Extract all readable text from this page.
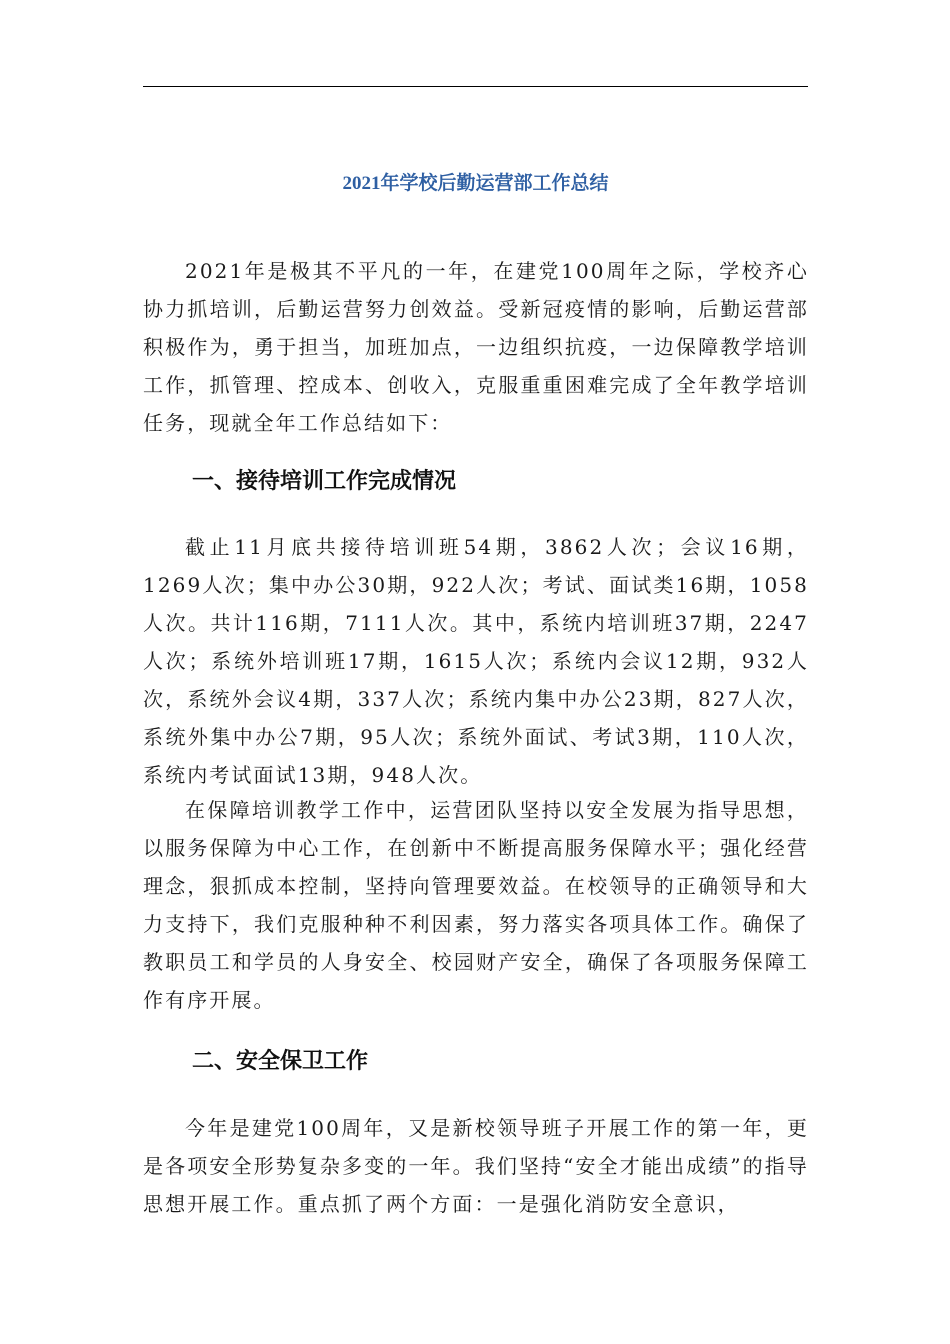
2021年学校后勤运营部工作总结

2021年是极其不平凡的一年，在建党100周年之际，学校齐心协力抓培训，后勤运营努力创效益。受新冠疫情的影响，后勤运营部积极作为，勇于担当，加班加点，一边组织抗疫，一边保障教学培训工作，抓管理、控成本、创收入，克服重重困难完成了全年教学培训任务，现就全年工作总结如下：

一、接待培训工作完成情况

截止11月底共接待培训班54期，3862人次；会议16期，1269人次；集中办公30期，922人次；考试、面试类16期，1058人次。共计116期，7111人次。其中，系统内培训班37期，2247人次；系统外培训班17期，1615人次；系统内会议12期，932人次，系统外会议4期，337人次；系统内集中办公23期，827人次，系统外集中办公7期，95人次；系统外面试、考试3期，110人次，系统内考试面试13期，948人次。

在保障培训教学工作中，运营团队坚持以安全发展为指导思想，以服务保障为中心工作，在创新中不断提高服务保障水平；强化经营理念，狠抓成本控制，坚持向管理要效益。在校领导的正确领导和大力支持下，我们克服种种不利因素，努力落实各项具体工作。确保了教职员工和学员的人身安全、校园财产安全，确保了各项服务保障工作有序开展。

二、安全保卫工作

今年是建党100周年，又是新校领导班子开展工作的第一年，更是各项安全形势复杂多变的一年。我们坚持“安全才能出成绩”的指导思想开展工作。重点抓了两个方面：一是强化消防安全意识，
